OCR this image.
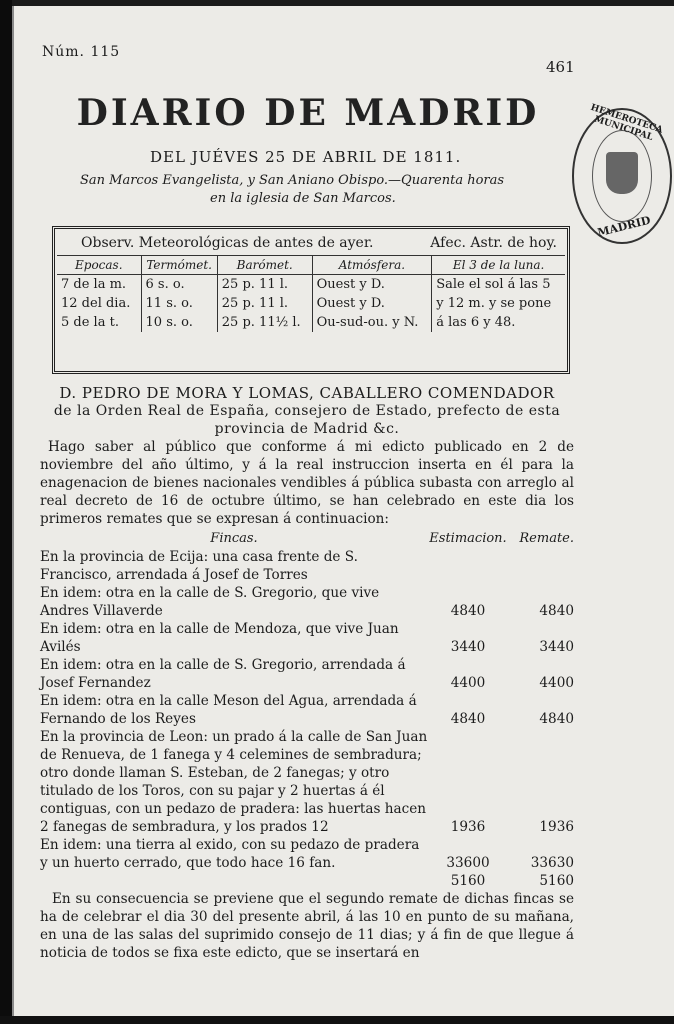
Núm. 115
461
DIARIO DE MADRID
DEL JUÉVES 25 DE ABRIL DE 1811.
San Marcos Evangelista, y San Aniano Obispo.—Quarenta horas
en la iglesia de San Marcos.
HEMEROTECA MUNICIPAL
MADRID
Observ. Meteorológicas de antes de ayer.	Afec. Astr. de hoy.
Epocas.	Termómet.	Barómet.	Atmósfera.	El 3 de la luna.
7 de la m.	6 s. o.	25 p. 11 l.	Ouest y D.	Sale el sol á las 5
12 del dia.	11 s. o.	25 p. 11 l.	Ouest y D.	y 12 m. y se pone
5 de la t.	10 s. o.	25 p. 11½ l.	Ou-sud-ou. y N.	á las 6 y 48.
D. PEDRO DE MORA Y LOMAS, CABALLERO COMENDADOR
de la Orden Real de España, consejero de Estado, prefecto de esta provincia de Madrid &c.

Hago saber al público que conforme á mi edicto publicado en 2 de noviembre del año último, y á la real instruccion inserta en él para la enagenacion de bienes nacionales vendibles á pública subasta con arreglo al real decreto de 16 de octubre último, se han celebrado en este dia los primeros remates que se expresan á continuacion:

Fincas.	Estimacion. Remate.
En la provincia de Ecija: una casa frente de S. Francisco, arrendada á Josef de Torres
En idem: otra en la calle de S. Gregorio, que vive Andres Villaverde	4840	4840
En idem: otra en la calle de Mendoza, que vive Juan Avilés	3440	3440
En idem: otra en la calle de S. Gregorio, arrendada á Josef Fernandez	4400	4400
En idem: otra en la calle Meson del Agua, arrendada á Fernando de los Reyes	4840	4840
En la provincia de Leon: un prado á la calle de San Juan de Renueva, de 1 fanega y 4 celemines de sembradura; otro donde llaman S. Esteban, de 2 fanegas; y otro titulado de los Toros, con su pajar y 2 huertas á él contiguas, con un pedazo de pradera: las huertas hacen 2 fanegas de sembradura, y los prados 12	1936	1936
En idem: una tierra al exido, con su pedazo de pradera y un huerto cerrado, que todo hace 16 fan.	33600	33630
5160	5160

En su consecuencia se previene que el segundo remate de dichas fincas se ha de celebrar el dia 30 del presente abril, á las 10 en punto de su mañana, en una de las salas del suprimido consejo de 11 dias; y á fin de que llegue á noticia de todos se fixa este edicto, que se insertará en
